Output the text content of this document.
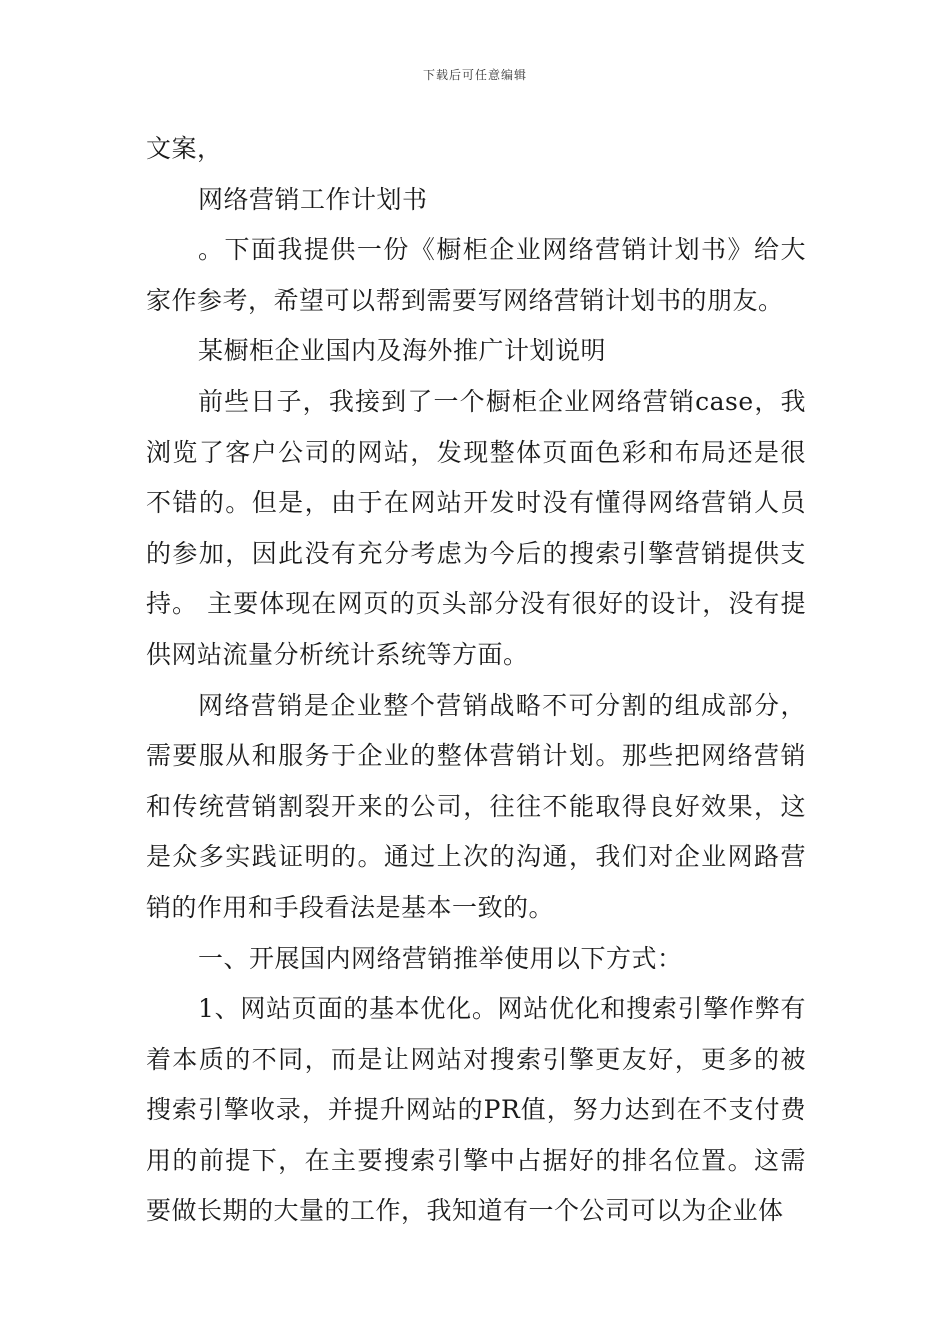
下载后可任意编辑

文案，

网络营销工作计划书

。下面我提供一份《橱柜企业网络营销计划书》给大家作参考，希望可以帮到需要写网络营销计划书的朋友。

某橱柜企业国内及海外推广计划说明

前些日子，我接到了一个橱柜企业网络营销case，我浏览了客户公司的网站，发现整体页面色彩和布局还是很不错的。但是，由于在网站开发时没有懂得网络营销人员的参加，因此没有充分考虑为今后的搜索引擎营销提供支持。 主要体现在网页的页头部分没有很好的设计，没有提供网站流量分析统计系统等方面。

网络营销是企业整个营销战略不可分割的组成部分，需要服从和服务于企业的整体营销计划。那些把网络营销和传统营销割裂开来的公司，往往不能取得良好效果，这是众多实践证明的。通过上次的沟通，我们对企业网路营销的作用和手段看法是基本一致的。

一、开展国内网络营销推举使用以下方式：

1、网站页面的基本优化。网站优化和搜索引擎作弊有着本质的不同，而是让网站对搜索引擎更友好，更多的被搜索引擎收录，并提升网站的PR值，努力达到在不支付费用的前提下，在主要搜索引擎中占据好的排名位置。这需要做长期的大量的工作，我知道有一个公司可以为企业体
